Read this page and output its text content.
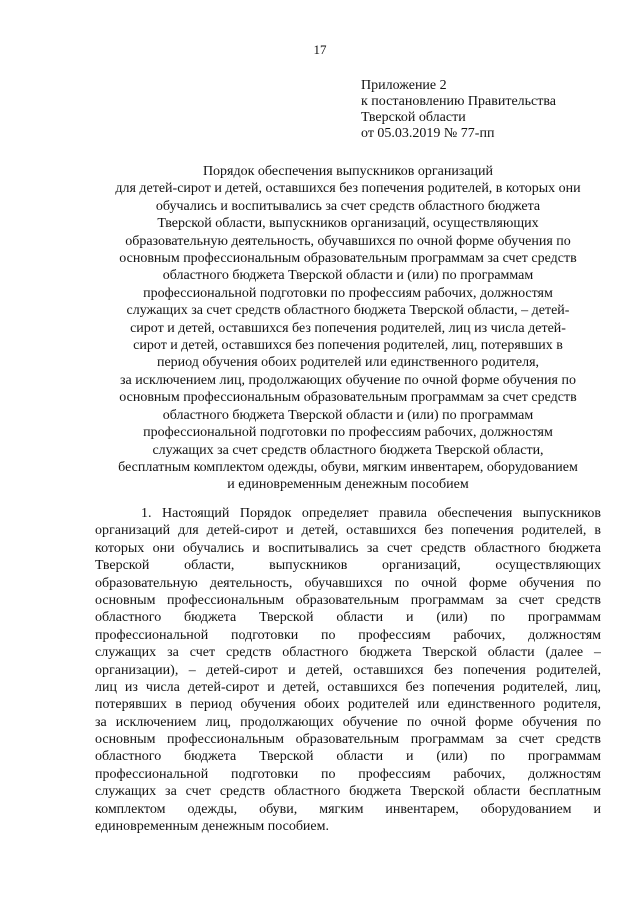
17
Приложение 2
к постановлению Правительства
Тверской области
от 05.03.2019 № 77-пп
Порядок обеспечения выпускников организаций
для детей-сирот и детей, оставшихся без попечения родителей, в которых они
обучались и воспитывались за счет средств областного бюджета
Тверской области, выпускников организаций, осуществляющих
образовательную деятельность, обучавшихся по очной форме обучения по
основным профессиональным образовательным программам за счет средств
областного бюджета Тверской области и (или) по программам
профессиональной подготовки по профессиям рабочих, должностям
служащих за счет средств областного бюджета Тверской области, – детей-
сирот и детей, оставшихся без попечения родителей, лиц из числа детей-
сирот и детей, оставшихся без попечения родителей, лиц, потерявших в
период обучения обоих родителей или единственного родителя,
за исключением лиц, продолжающих обучение по очной форме обучения по
основным профессиональным образовательным программам за счет средств
областного бюджета Тверской области и (или) по программам
профессиональной подготовки по профессиям рабочих, должностям
служащих за счет средств областного бюджета Тверской области,
бесплатным комплектом одежды, обуви, мягким инвентарем, оборудованием
и единовременным денежным пособием
1. Настоящий Порядок определяет правила обеспечения выпускников
организаций для детей-сирот и детей, оставшихся без попечения родителей, в
которых они обучались и воспитывались за счет средств областного бюджета
Тверской области, выпускников организаций, осуществляющих
образовательную деятельность, обучавшихся по очной форме обучения по
основным профессиональным образовательным программам за счет средств
областного бюджета Тверской области и (или) по программам
профессиональной подготовки по профессиям рабочих, должностям
служащих за счет средств областного бюджета Тверской области (далее –
организации), – детей-сирот и детей, оставшихся без попечения родителей,
лиц из числа детей-сирот и детей, оставшихся без попечения родителей, лиц,
потерявших в период обучения обоих родителей или единственного родителя,
за исключением лиц, продолжающих обучение по очной форме обучения по
основным профессиональным образовательным программам за счет средств
областного бюджета Тверской области и (или) по программам
профессиональной подготовки по профессиям рабочих, должностям
служащих за счет средств областного бюджета Тверской области бесплатным
комплектом одежды, обуви, мягким инвентарем, оборудованием и
единовременным денежным пособием.
